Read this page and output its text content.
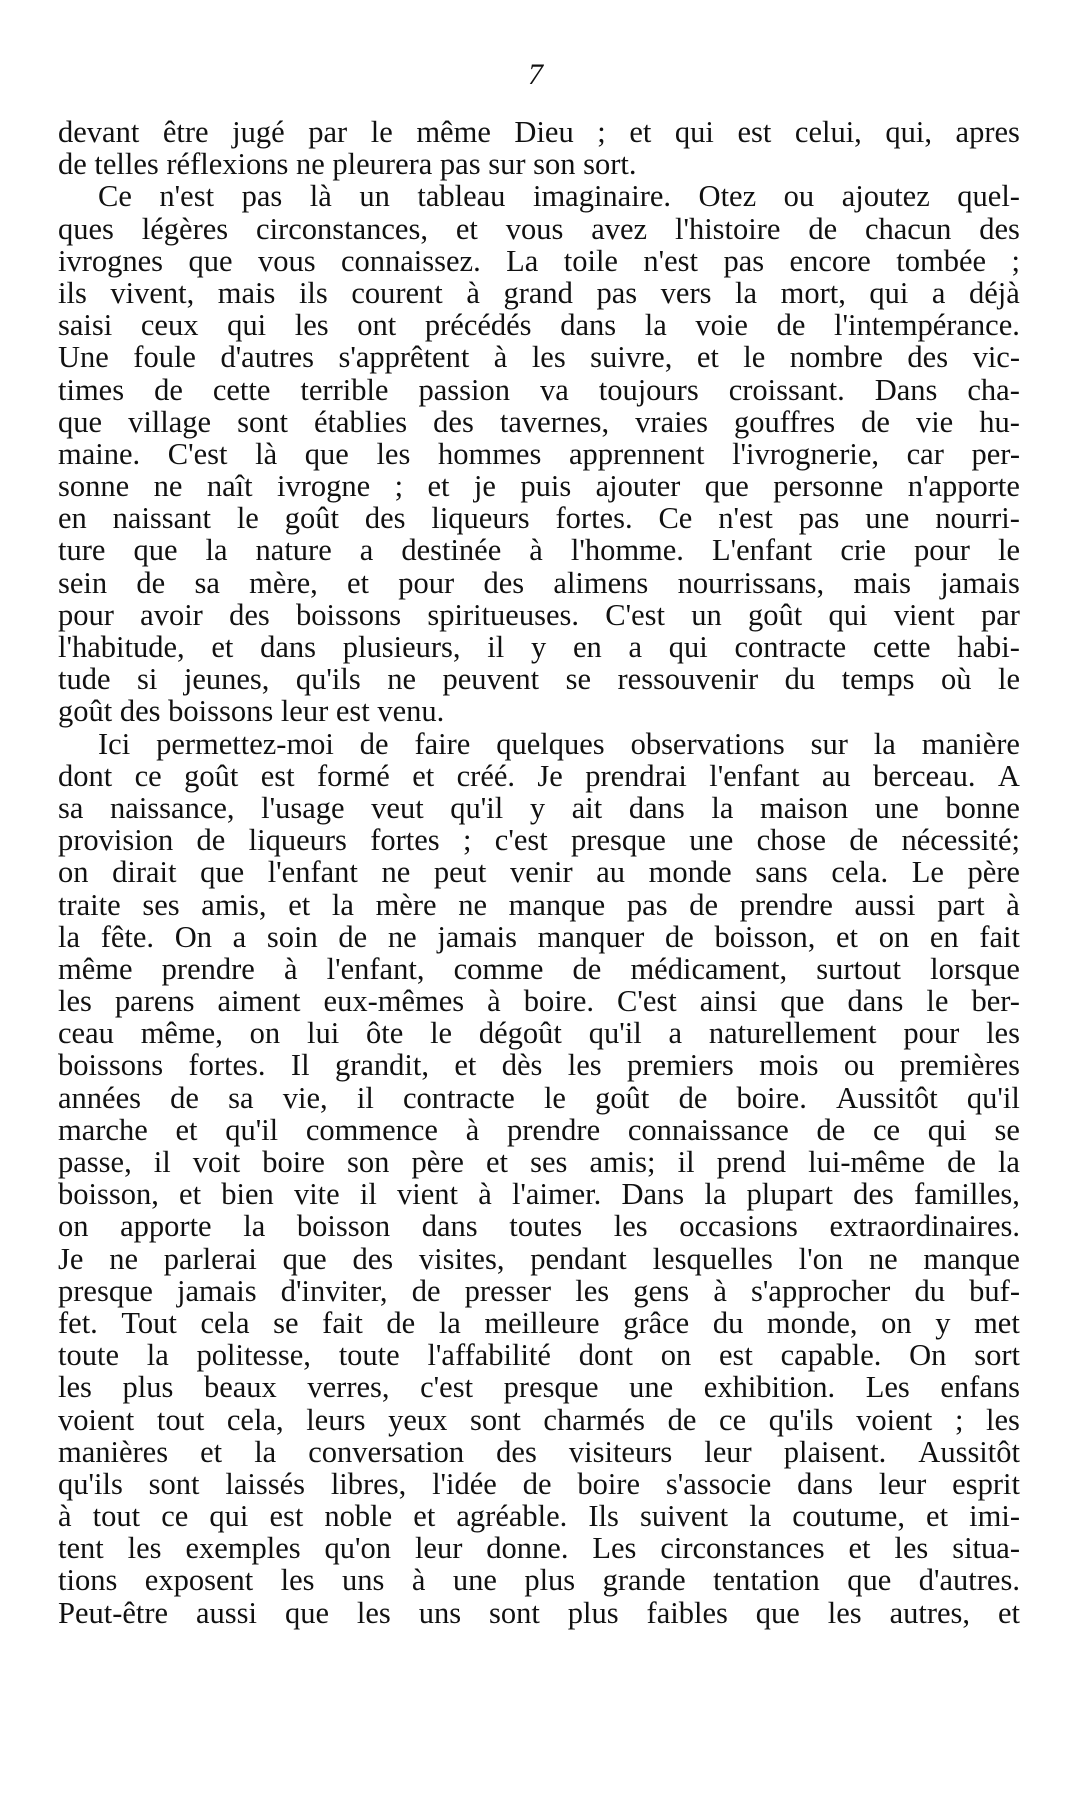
7
devant être jugé par le même Dieu ; et qui est celui, qui, apres
de telles réflexions ne pleurera pas sur son sort.
Ce n'est pas là un tableau imaginaire. Otez ou ajoutez quel-
ques légères circonstances, et vous avez l'histoire de chacun des
ivrognes que vous connaissez. La toile n'est pas encore tombée ;
ils vivent, mais ils courent à grand pas vers la mort, qui a déjà
saisi ceux qui les ont précédés dans la voie de l'intempérance.
Une foule d'autres s'apprêtent à les suivre, et le nombre des vic-
times de cette terrible passion va toujours croissant. Dans cha-
que village sont établies des tavernes, vraies gouffres de vie hu-
maine. C'est là que les hommes apprennent l'ivrognerie, car per-
sonne ne naît ivrogne ; et je puis ajouter que personne n'apporte
en naissant le goût des liqueurs fortes. Ce n'est pas une nourri-
ture que la nature a destinée à l'homme. L'enfant crie pour le
sein de sa mère, et pour des alimens nourrissans, mais jamais
pour avoir des boissons spiritueuses. C'est un goût qui vient par
l'habitude, et dans plusieurs, il y en a qui contracte cette habi-
tude si jeunes, qu'ils ne peuvent se ressouvenir du temps où le
goût des boissons leur est venu.
Ici permettez-moi de faire quelques observations sur la manière
dont ce goût est formé et créé. Je prendrai l'enfant au berceau. A
sa naissance, l'usage veut qu'il y ait dans la maison une bonne
provision de liqueurs fortes ; c'est presque une chose de nécessité;
on dirait que l'enfant ne peut venir au monde sans cela. Le père
traite ses amis, et la mère ne manque pas de prendre aussi part à
la fête. On a soin de ne jamais manquer de boisson, et on en fait
même prendre à l'enfant, comme de médicament, surtout lorsque
les parens aiment eux-mêmes à boire. C'est ainsi que dans le ber-
ceau même, on lui ôte le dégoût qu'il a naturellement pour les
boissons fortes. Il grandit, et dès les premiers mois ou premières
années de sa vie, il contracte le goût de boire. Aussitôt qu'il
marche et qu'il commence à prendre connaissance de ce qui se
passe, il voit boire son père et ses amis; il prend lui-même de la
boisson, et bien vite il vient à l'aimer. Dans la plupart des familles,
on apporte la boisson dans toutes les occasions extraordinaires.
Je ne parlerai que des visites, pendant lesquelles l'on ne manque
presque jamais d'inviter, de presser les gens à s'approcher du buf-
fet. Tout cela se fait de la meilleure grâce du monde, on y met
toute la politesse, toute l'affabilité dont on est capable. On sort
les plus beaux verres, c'est presque une exhibition. Les enfans
voient tout cela, leurs yeux sont charmés de ce qu'ils voient ; les
manières et la conversation des visiteurs leur plaisent. Aussitôt
qu'ils sont laissés libres, l'idée de boire s'associe dans leur esprit
à tout ce qui est noble et agréable. Ils suivent la coutume, et imi-
tent les exemples qu'on leur donne. Les circonstances et les situa-
tions exposent les uns à une plus grande tentation que d'autres.
Peut-être aussi que les uns sont plus faibles que les autres, et
